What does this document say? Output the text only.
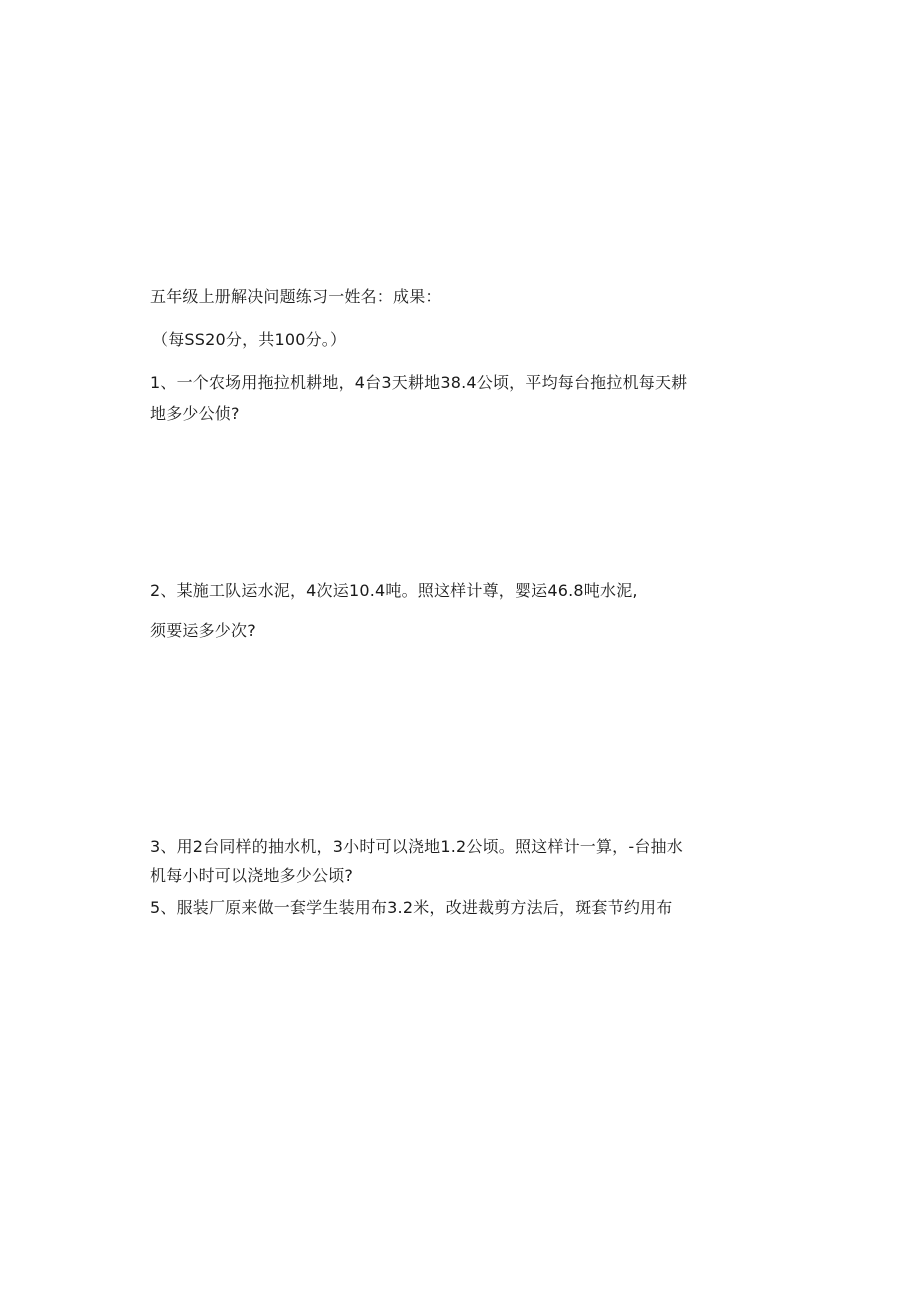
五年级上册解决问题练习一姓名：成果：
（每SS20分，共100分。）
1、一个农场用拖拉机耕地，4台3天耕地38.4公顷，平均每台拖拉机每天耕
地多少公侦?
2、某施工队运水泥，4次运10.4吨。照这样计尊，婴运46.8吨水泥,
须要运多少次?
3、用2台同样的抽水机，3小时可以浇地1.2公顷。照这样计一算，-台抽水
机每小时可以浇地多少公顷?
5、服装厂原来做一套学生装用布3.2米，改进裁剪方法后，斑套节约用布
